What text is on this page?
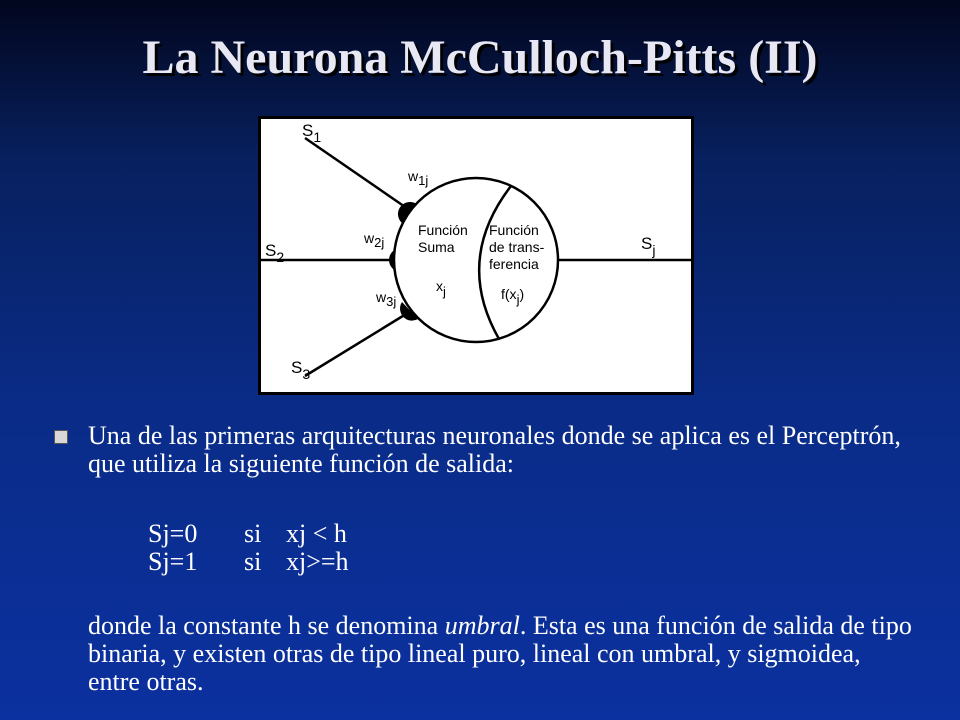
La Neurona McCulloch-Pitts (II)
$S_1$
$S_2$
$S_3$
w1j
w2j
w3j
Función
Suma
xj
Función
de trans-
ferencia
f(xj)
$S_j$
Una de las primeras arquitecturas neuronales donde se aplica es el Perceptrón, que utiliza la siguiente función de salida:
Sj=0 si xj < h
Sj=1 si xj>=h
donde la constante h se denomina umbral. Esta es una función de salida de tipo binaria, y existen otras de tipo lineal puro, lineal con umbral, y sigmoidea, entre otras.
